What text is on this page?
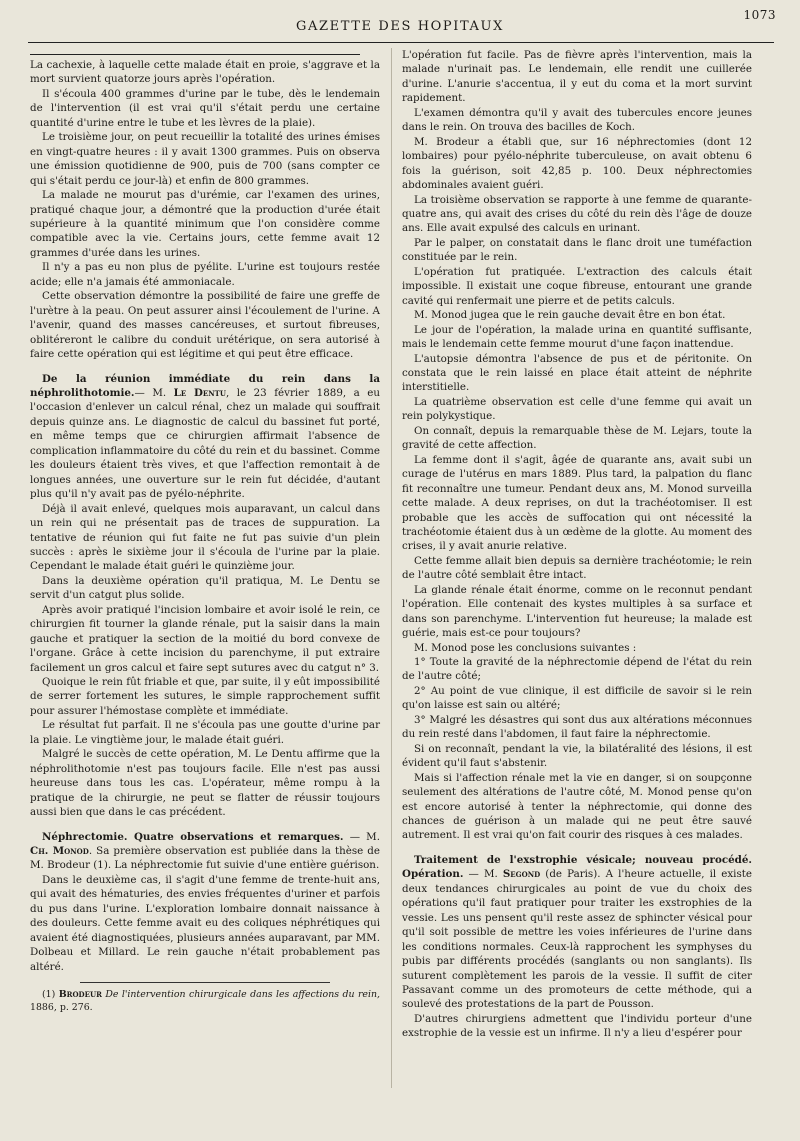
1073
GAZETTE DES HOPITAUX

La cachexie, à laquelle cette malade était en proie, s'aggrave et la mort survient quatorze jours après l'opération.

Il s'écoula 400 grammes d'urine par le tube, dès le lendemain de l'intervention (il est vrai qu'il s'était perdu une certaine quantité d'urine entre le tube et les lèvres de la plaie).

Le troisième jour, on peut recueillir la totalité des urines émises en vingt-quatre heures : il y avait 1300 grammes. Puis on observa une émission quotidienne de 900, puis de 700 (sans compter ce qui s'était perdu ce jour-là) et enfin de 800 grammes.

La malade ne mourut pas d'urémie, car l'examen des urines, pratiqué chaque jour, a démontré que la production d'urée était supérieure à la quantité minimum que l'on considère comme compatible avec la vie. Certains jours, cette femme avait 12 grammes d'urée dans les urines.

Il n'y a pas eu non plus de pyélite. L'urine est toujours restée acide; elle n'a jamais été ammoniacale.

Cette observation démontre la possibilité de faire une greffe de l'urètre à la peau. On peut assurer ainsi l'écoulement de l'urine. A l'avenir, quand des masses cancéreuses, et surtout fibreuses, oblitéreront le calibre du conduit urétérique, on sera autorisé à faire cette opération qui est légitime et qui peut être efficace.

De la réunion immédiate du rein dans la néphrolithotomie.— M. Le Dentu, le 23 février 1889, a eu l'occasion d'enlever un calcul rénal, chez un malade qui souffrait depuis quinze ans. Le diagnostic de calcul du bassinet fut porté, en même temps que ce chirurgien affirmait l'absence de complication inflammatoire du côté du rein et du bassinet. Comme les douleurs étaient très vives, et que l'affection remontait à de longues années, une ouverture sur le rein fut décidée, d'autant plus qu'il n'y avait pas de pyélo-néphrite.

Déjà il avait enlevé, quelques mois auparavant, un calcul dans un rein qui ne présentait pas de traces de suppuration. La tentative de réunion qui fut faite ne fut pas suivie d'un plein succès : après le sixième jour il s'écoula de l'urine par la plaie. Cependant le malade était guéri le quinzième jour.

Dans la deuxième opération qu'il pratiqua, M. Le Dentu se servit d'un catgut plus solide.

Après avoir pratiqué l'incision lombaire et avoir isolé le rein, ce chirurgien fit tourner la glande rénale, put la saisir dans la main gauche et pratiquer la section de la moitié du bord convexe de l'organe. Grâce à cette incision du parenchyme, il put extraire facilement un gros calcul et faire sept sutures avec du catgut n° 3.

Quoique le rein fût friable et que, par suite, il y eût impossibilité de serrer fortement les sutures, le simple rapprochement suffit pour assurer l'hémostase complète et immédiate.

Le résultat fut parfait. Il ne s'écoula pas une goutte d'urine par la plaie. Le vingtième jour, le malade était guéri.

Malgré le succès de cette opération, M. Le Dentu affirme que la néphrolithotomie n'est pas toujours facile. Elle n'est pas aussi heureuse dans tous les cas. L'opérateur, même rompu à la pratique de la chirurgie, ne peut se flatter de réussir toujours aussi bien que dans le cas précédent.

Néphrectomie. Quatre observations et remarques. — M. Ch. Monod. Sa première observation est publiée dans la thèse de M. Brodeur (1). La néphrectomie fut suivie d'une entière guérison.

Dans le deuxième cas, il s'agit d'une femme de trente-huit ans, qui avait des hématuries, des envies fréquentes d'uriner et parfois du pus dans l'urine. L'exploration lombaire donnait naissance à des douleurs. Cette femme avait eu des coliques néphrétiques qui avaient été diagnostiquées, plusieurs années auparavant, par MM. Dolbeau et Millard. Le rein gauche n'était probablement pas altéré.

(1) Brodeur De l'intervention chirurgicale dans les affections du rein, 1886, p. 276.

L'opération fut facile. Pas de fièvre après l'intervention, mais la malade n'urinait pas. Le lendemain, elle rendit une cuillerée d'urine. L'anurie s'accentua, il y eut du coma et la mort survint rapidement.

L'examen démontra qu'il y avait des tubercules encore jeunes dans le rein. On trouva des bacilles de Koch.

M. Brodeur a établi que, sur 16 néphrectomies (dont 12 lombaires) pour pyélo-néphrite tuberculeuse, on avait obtenu 6 fois la guérison, soit 42,85 p. 100. Deux néphrectomies abdominales avaient guéri.

La troisième observation se rapporte à une femme de quarante-quatre ans, qui avait des crises du côté du rein dès l'âge de douze ans. Elle avait expulsé des calculs en urinant.

Par le palper, on constatait dans le flanc droit une tuméfaction constituée par le rein.

L'opération fut pratiquée. L'extraction des calculs était impossible. Il existait une coque fibreuse, entourant une grande cavité qui renfermait une pierre et de petits calculs.

M. Monod jugea que le rein gauche devait être en bon état.

Le jour de l'opération, la malade urina en quantité suffisante, mais le lendemain cette femme mourut d'une façon inattendue.

L'autopsie démontra l'absence de pus et de péritonite. On constata que le rein laissé en place était atteint de néphrite interstitielle.

La quatrième observation est celle d'une femme qui avait un rein polykystique.

On connaît, depuis la remarquable thèse de M. Lejars, toute la gravité de cette affection.

La femme dont il s'agit, âgée de quarante ans, avait subi un curage de l'utérus en mars 1889. Plus tard, la palpation du flanc fit reconnaître une tumeur. Pendant deux ans, M. Monod surveilla cette malade. A deux reprises, on dut la trachéotomiser. Il est probable que les accès de suffocation qui ont nécessité la trachéotomie étaient dus à un œdème de la glotte. Au moment des crises, il y avait anurie relative.

Cette femme allait bien depuis sa dernière trachéotomie; le rein de l'autre côté semblait être intact.

La glande rénale était énorme, comme on le reconnut pendant l'opération. Elle contenait des kystes multiples à sa surface et dans son parenchyme. L'intervention fut heureuse; la malade est guérie, mais est-ce pour toujours?

M. Monod pose les conclusions suivantes :

1° Toute la gravité de la néphrectomie dépend de l'état du rein de l'autre côté;

2° Au point de vue clinique, il est difficile de savoir si le rein qu'on laisse est sain ou altéré;

3° Malgré les désastres qui sont dus aux altérations méconnues du rein resté dans l'abdomen, il faut faire la néphrectomie.

Si on reconnaît, pendant la vie, la bilatéralité des lésions, il est évident qu'il faut s'abstenir.

Mais si l'affection rénale met la vie en danger, si on soupçonne seulement des altérations de l'autre côté, M. Monod pense qu'on est encore autorisé à tenter la néphrectomie, qui donne des chances de guérison à un malade qui ne peut être sauvé autrement. Il est vrai qu'on fait courir des risques à ces malades.

Traitement de l'exstrophie vésicale; nouveau procédé. Opération. — M. Segond (de Paris). A l'heure actuelle, il existe deux tendances chirurgicales au point de vue du choix des opérations qu'il faut pratiquer pour traiter les exstrophies de la vessie. Les uns pensent qu'il reste assez de sphincter vésical pour qu'il soit possible de mettre les voies inférieures de l'urine dans les conditions normales. Ceux-là rapprochent les symphyses du pubis par différents procédés (sanglants ou non sanglants). Ils suturent complètement les parois de la vessie. Il suffit de citer Passavant comme un des promoteurs de cette méthode, qui a soulevé des protestations de la part de Pousson.

D'autres chirurgiens admettent que l'individu porteur d'une exstrophie de la vessie est un infirme. Il n'y a lieu d'espérer pour
